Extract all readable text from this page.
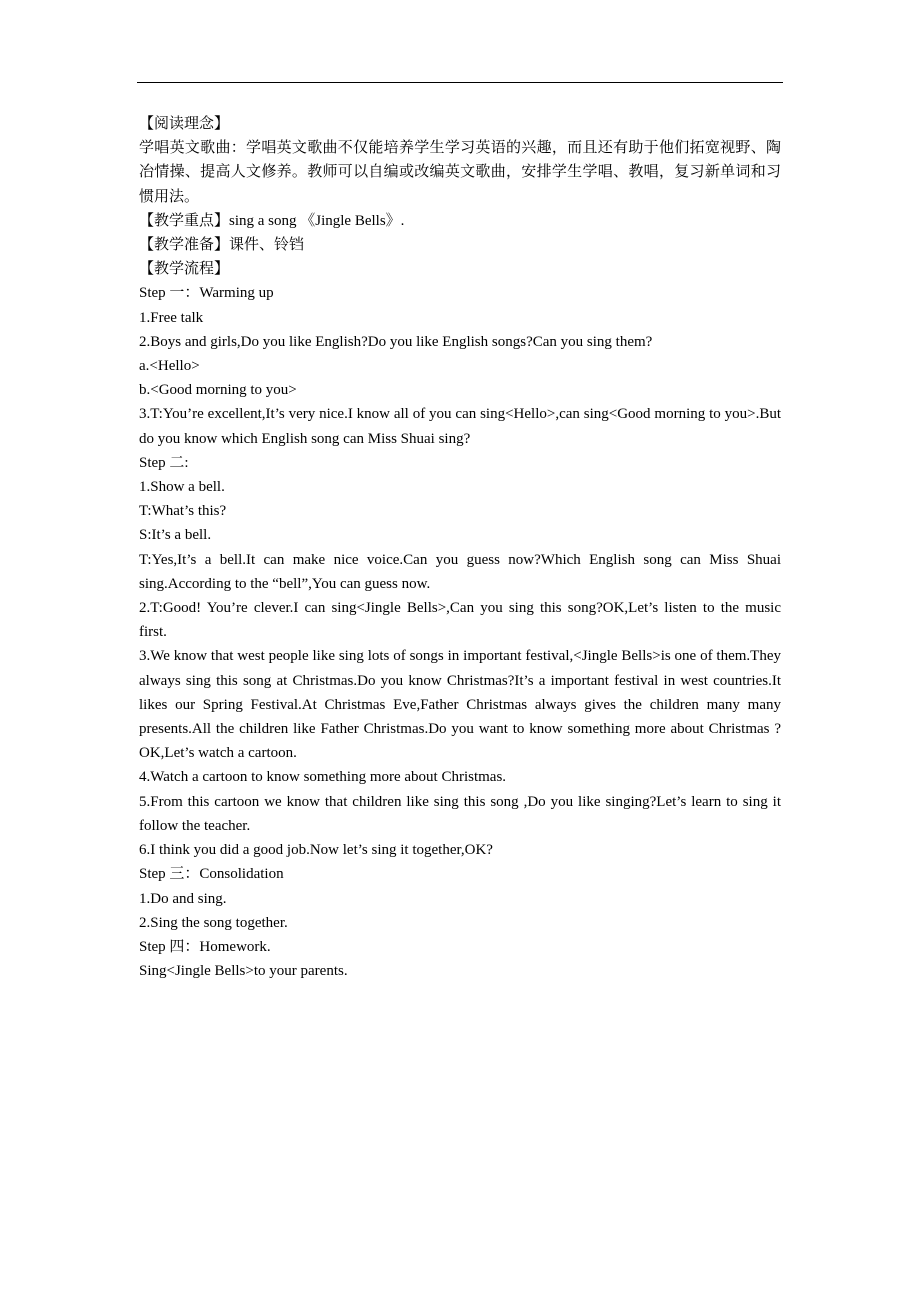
【阅读理念】

学唱英文歌曲：学唱英文歌曲不仅能培养学生学习英语的兴趣，而且还有助于他们拓宽视野、陶冶情操、提高人文修养。教师可以自编或改编英文歌曲，安排学生学唱、教唱，复习新单词和习惯用法。

【教学重点】sing a song 《Jingle Bells》.

【教学准备】课件、铃铛

【教学流程】

Step 一：Warming up

1.Free talk

2.Boys and girls,Do you like English?Do you like English songs?Can you sing them?

a.<Hello>

b.<Good morning to you>

3.T:You’re excellent,It’s very nice.I know all of you can sing<Hello>,can sing<Good morning to you>.But do you know which English song can Miss Shuai sing?

Step 二:

1.Show a bell.

T:What’s this?

S:It’s a bell.

T:Yes,It’s a bell.It can make nice voice.Can you guess now?Which English song can Miss Shuai sing.According to the “bell”,You can guess now.

2.T:Good! You’re clever.I can sing<Jingle Bells>,Can you sing this song?OK,Let’s listen to the music first.

3.We know that west people like sing lots of songs in important festival,<Jingle Bells>is one of them.They always sing this song at Christmas.Do you know Christmas?It’s a important festival in west countries.It likes our Spring Festival.At Christmas Eve,Father Christmas always gives the children many many presents.All the children like Father Christmas.Do you want to know something more about Christmas ?OK,Let’s watch a cartoon.

4.Watch a cartoon to know something more about Christmas.

5.From this cartoon we know that children like sing this song ,Do you like singing?Let’s learn to sing it follow the teacher.

6.I think you did a good job.Now let’s sing it together,OK?

Step 三：Consolidation

1.Do and sing.

2.Sing the song together.

Step 四：Homework.

Sing<Jingle Bells>to your parents.
